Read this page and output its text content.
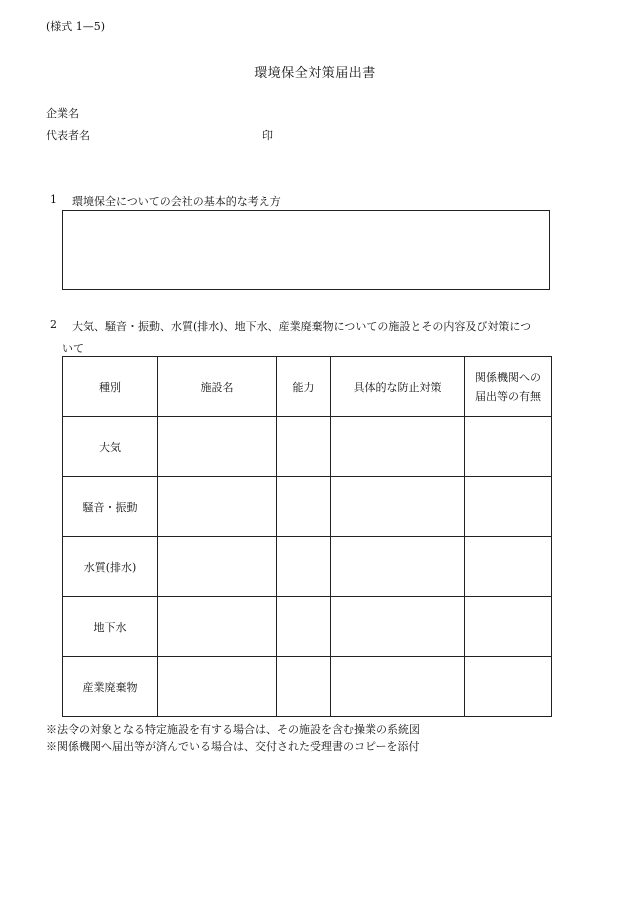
(様式 1—5)
環境保全対策届出書
企業名
代表者名	印
1 環境保全についての会社の基本的な考え方
2 大気、騒音・振動、水質(排水)、地下水、産業廃棄物についての施設とその内容及び対策につ
いて
種別	施設名	能力	具体的な防止対策	関係機関への
届出等の有無
大気				
騒音・振動				
水質(排水)				
地下水				
産業廃棄物				
※法令の対象となる特定施設を有する場合は、その施設を含む操業の系統図
※関係機関へ届出等が済んでいる場合は、交付された受理書のコピーを添付
